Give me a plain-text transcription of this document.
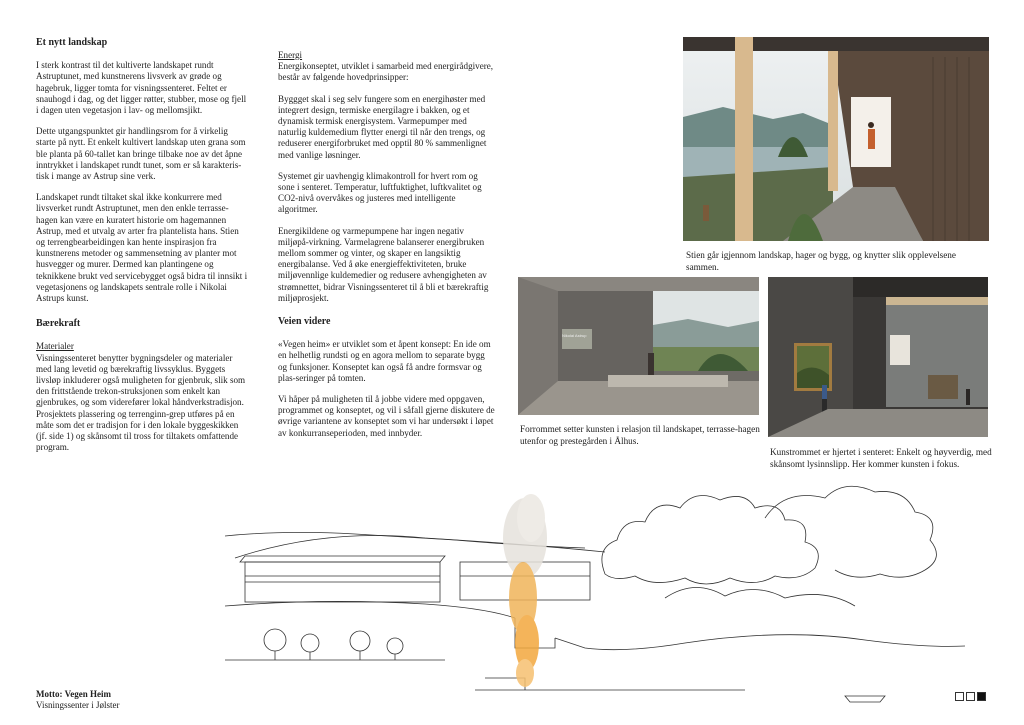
Et nytt landskap

I sterk kontrast til det kultiverte landskapet rundt Astruptunet, med kunstnerens livsverk av grøde og hagebruk, ligger tomta for visningssenteret. Feltet er snauhogd i dag, og det ligger røtter, stubber, mose og fjell i dagen uten vegetasjon i lav- og mellomsjikt.

Dette utgangspunktet gir handlingsrom for å virkelig starte på nytt. Et enkelt kultivert landskap uten grana som ble planta på 60-tallet kan bringe tilbake noe av det åpne inntrykket i landskapet rundt tunet, som er så karakteris-tisk i mange av Astrup sine verk.

Landskapet rundt tiltaket skal ikke konkurrere med livsverket rundt Astruptunet, men den enkle terrasse-hagen kan være en kuratert historie om hagemannen Astrup, med et utvalg av arter fra plantelista hans. Stien og terrengbearbeidingen kan hente inspirasjon fra kunstnerens metoder og sammensetning av planter mot husvegger og murer. Dermed kan plantingene og teknikkene brukt ved servicebygget også bidra til innsikt i vegetasjonens og landskapets sentrale rolle i Nikolai Astrups kunst.

Bærekraft
Materialer

Visningssenteret benytter bygningsdeler og materialer med lang levetid og bærekraftig livssyklus. Byggets livsløp inkluderer også muligheten for gjenbruk, slik som den frittstående trekon-struksjonen som enkelt kan gjenbrukes, og som viderefører lokal håndverkstradisjon. Prosjektets plassering og terrenginn-grep utføres på en måte som det er tradisjon for i den lokale byggeskikken (jf. side 1) og skånsomt til tross for tiltakets omfattende program.

Energi

Energikonseptet, utviklet i samarbeid med energirådgivere, består av følgende hovedprinsipper:

Byggget skal i seg selv fungere som en energihøster med integrert design, termiske energilagre i bakken, og et dynamisk termisk energisystem. Varmepumper med naturlig kuldemedium flytter energi til når den trengs, og reduserer energiforbruket med opptil 80 % sammenlignet med vanlige løsninger.

Systemet gir uavhengig klimakontroll for hvert rom og sone i senteret. Temperatur, luftfuktighet, luftkvalitet og CO2-nivå overvåkes og justeres med intelligente algoritmer.

Energikildene og varmepumpene har ingen negativ miljøpå-virkning. Varmelagrene balanserer energibruken mellom sommer og vinter, og skaper en langsiktig energibalanse. Ved å øke energieffektiviteten, bruke miljøvennlige kuldemedier og redusere avhengigheten av strømnettet, bidrar Visningssenteret til å bli et bærekraftig miljøprosjekt.

Veien videre

«Vegen heim» er utviklet som et åpent konsept: En ide om en helhetlig rundsti og en agora mellom to separate bygg og funksjoner. Konseptet kan også få andre formsvar og plas-seringer på tomten.

Vi håper på muligheten til å jobbe videre med oppgaven, programmet og konseptet, og vil i såfall gjerne diskutere de øvrige variantene av konseptet som vi har undersøkt i løpet av konkurranseperioden, med innbyder.

Stien går igjennom landskap, hager og bygg, og knytter slik opplevelsene sammen.
Nikolai Astrup
Forrommet setter kunsten i relasjon til landskapet, terrasse-hagen utenfor og prestegården i Ålhus.
Kunstrommet er hjertet i senteret: Enkelt og høyverdig, med skånsomt lysinnslipp. Her kommer kunsten i fokus.
Motto: Vegen Heim
Visningssenter i Jølster
